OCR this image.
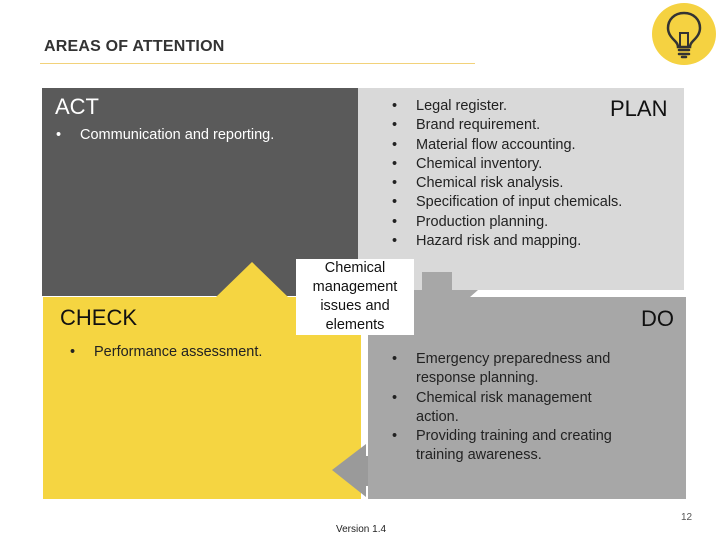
AREAS OF ATTENTION
ACT	PLAN
CHECK	DO
• Communication and reporting.
• Legal register.
• Brand requirement.
• Material flow accounting.
• Chemical inventory.
• Chemical risk analysis.
• Specification of input chemicals.
• Production planning.
• Hazard risk and mapping.
• Performance assessment.
•	Emergency preparedness and response planning.
• Chemical risk management action.
• Providing training and creating training awareness.
Chemical management issues and elements
Version 1.4
12
